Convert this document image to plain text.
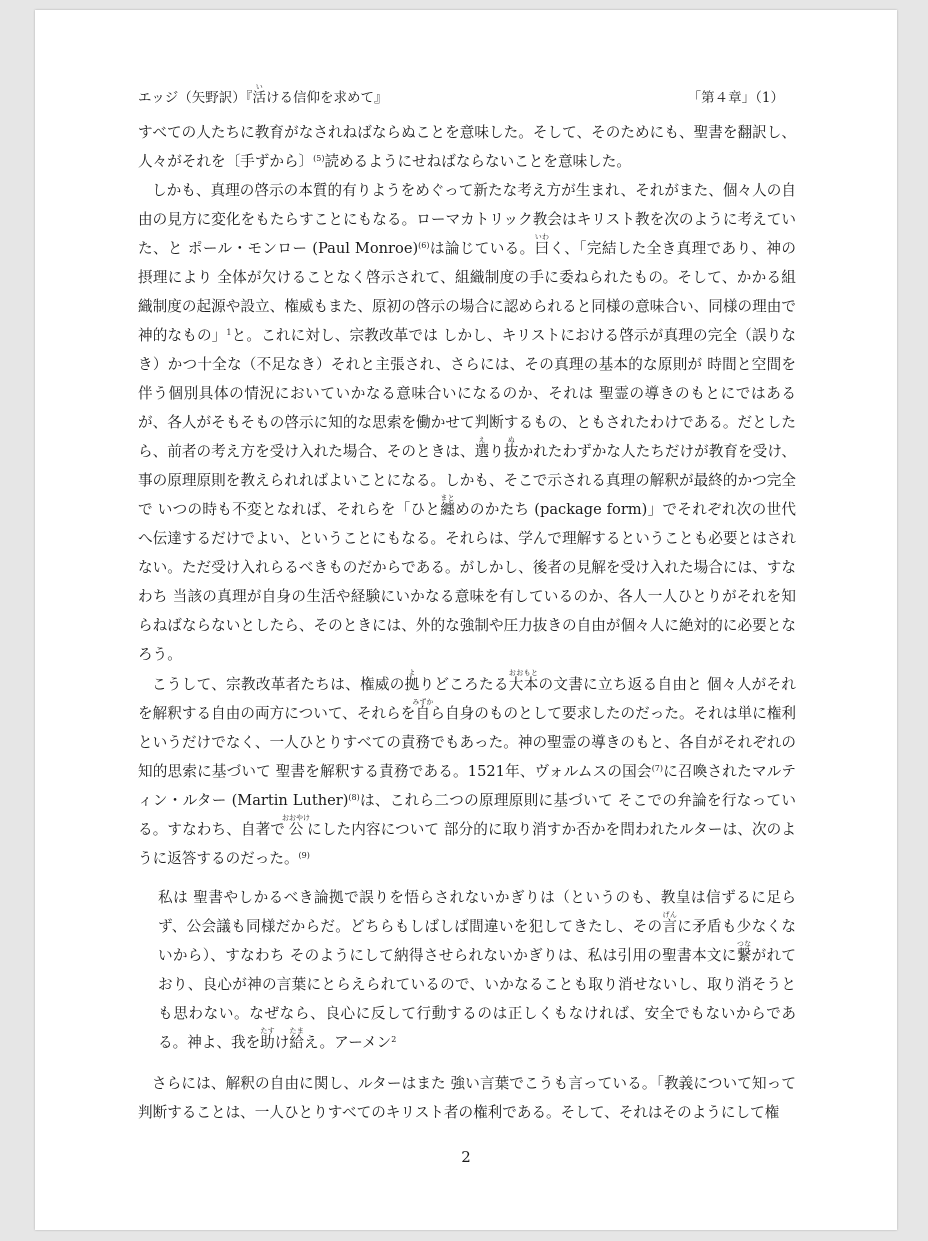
エッジ（矢野訳）『活いける信仰を求めて』	「第４章」（1）

すべての人たちに教育がなされねばならぬことを意味した。そして、そのためにも、聖書を翻訳し、人々がそれを〔手ずから〕$^{(5)}$読めるようにせねばならないことを意味した。

しかも、真理の啓示の本質的有りようをめぐって新たな考え方が生まれ、それがまた、個々人の自由の見方に変化をもたらすことにもなる。ローマカトリック教会はキリスト教を次のように考えていた、と ポール・モンロー (Paul Monroe)$^{(6)}$は論じている。曰いわく、「完結した全き真理であり、神の摂理により 全体が欠けることなく啓示されて、組織制度の手に委ねられたもの。そして、かかる組織制度の起源や設立、権威もまた、原初の啓示の場合に認められると同様の意味合い、同様の理由で神的なもの」$^1$と。これに対し、宗教改革では しかし、キリストにおける啓示が真理の完全（誤りなき）かつ十全な（不足なき）それと主張され、さらには、その真理の基本的な原則が 時間と空間を伴う個別具体の情況においていかなる意味合いになるのか、それは 聖霊の導きのもとにではあるが、各人がそもそもの啓示に知的な思索を働かせて判断するもの、ともされたわけである。だとしたら、前者の考え方を受け入れた場合、そのときは、選えり抜ぬかれたわずかな人たちだけが教育を受け、事の原理原則を教えられればよいことになる。しかも、そこで示される真理の解釈が最終的かつ完全で いつの時も不変となれば、それらを「ひと纏まとめのかたち (package form)」でそれぞれ次の世代へ伝達するだけでよい、ということにもなる。それらは、学んで理解するということも必要とはされない。ただ受け入れらるべきものだからである。がしかし、後者の見解を受け入れた場合には、すなわち 当該の真理が自身の生活や経験にいかなる意味を有しているのか、各人一人ひとりがそれを知らねばならないとしたら、そのときには、外的な強制や圧力抜きの自由が個々人に絶対的に必要となろう。

こうして、宗教改革者たちは、権威の拠よりどころたる大本おおもとの文書に立ち返る自由と 個々人がそれを解釈する自由の両方について、それらを自みずから自身のものとして要求したのだった。それは単に権利というだけでなく、一人ひとりすべての責務でもあった。神の聖霊の導きのもと、各自がそれぞれの知的思索に基づいて 聖書を解釈する責務である。1521年、ヴォルムスの国会$^{(7)}$に召喚されたマルティン・ルター (Martin Luther)$^{(8)}$は、これら二つの原理原則に基づいて そこでの弁論を行なっている。すなわち、自著で公おおやけにした内容について 部分的に取り消すか否かを問われたルターは、次のように返答するのだった。$^{(9)}$

私は 聖書やしかるべき論拠で誤りを悟らされないかぎりは（というのも、教皇は信ずるに足らず、公会議も同様だからだ。どちらもしばしば間違いを犯してきたし、その言げんに矛盾も少なくないから）、すなわち そのようにして納得させられないかぎりは、私は引用の聖書本文に繋つながれており、良心が神の言葉にとらえられているので、いかなることも取り消せないし、取り消そうとも思わない。なぜなら、良心に反して行動するのは正しくもなければ、安全でもないからである。神よ、我を助たすけ給たまえ。アーメン$^2$

さらには、解釈の自由に関し、ルターはまた 強い言葉でこうも言っている。「教義について知って判断することは、一人ひとりすべてのキリスト者の権利である。そして、それはそのようにして権

2
